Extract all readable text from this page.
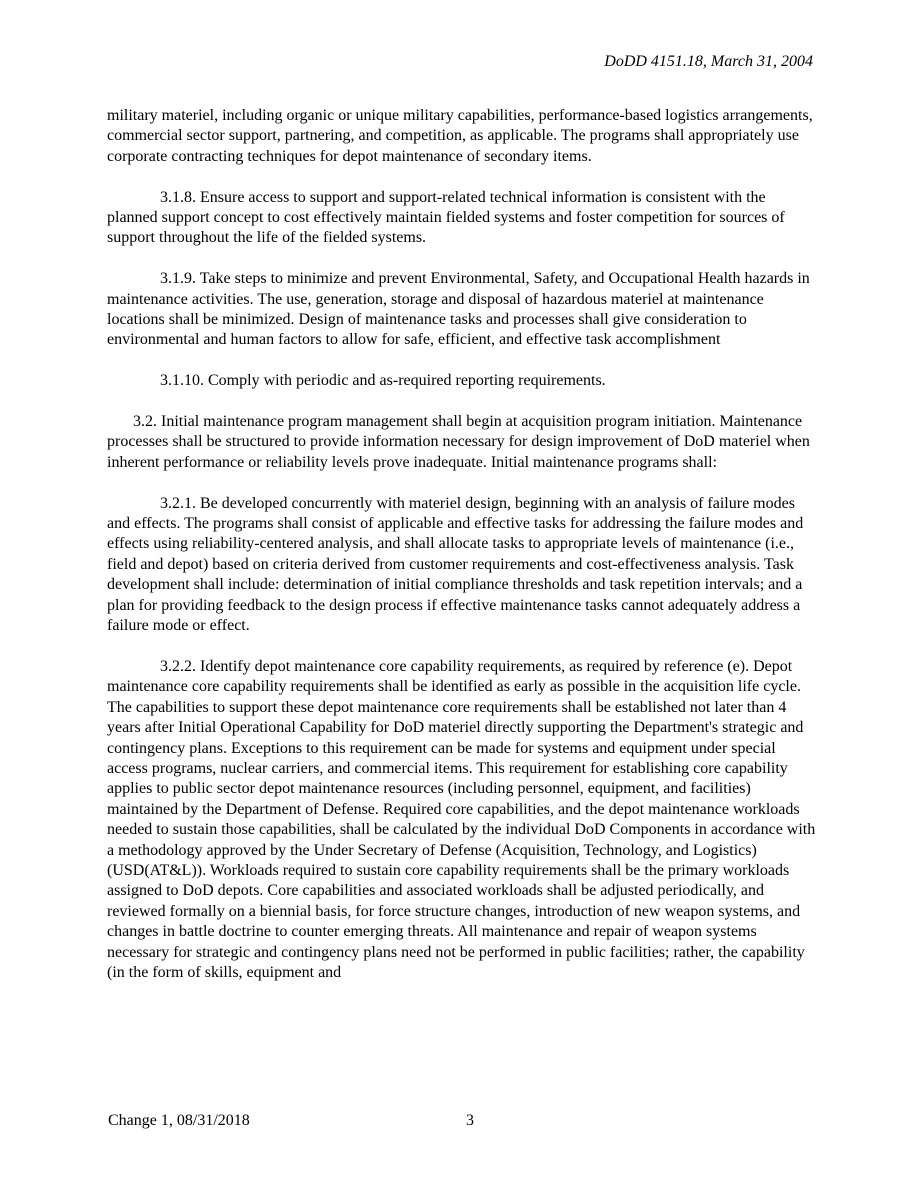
DoDD 4151.18, March 31, 2004

military materiel, including organic or unique military capabilities, performance-based logistics arrangements, commercial sector support, partnering, and competition, as applicable. The programs shall appropriately use corporate contracting techniques for depot maintenance of secondary items.

3.1.8. Ensure access to support and support-related technical information is consistent with the planned support concept to cost effectively maintain fielded systems and foster competition for sources of support throughout the life of the fielded systems.

3.1.9. Take steps to minimize and prevent Environmental, Safety, and Occupational Health hazards in maintenance activities. The use, generation, storage and disposal of hazardous materiel at maintenance locations shall be minimized. Design of maintenance tasks and processes shall give consideration to environmental and human factors to allow for safe, efficient, and effective task accomplishment

3.1.10. Comply with periodic and as-required reporting requirements.

3.2. Initial maintenance program management shall begin at acquisition program initiation. Maintenance processes shall be structured to provide information necessary for design improvement of DoD materiel when inherent performance or reliability levels prove inadequate. Initial maintenance programs shall:

3.2.1. Be developed concurrently with materiel design, beginning with an analysis of failure modes and effects. The programs shall consist of applicable and effective tasks for addressing the failure modes and effects using reliability-centered analysis, and shall allocate tasks to appropriate levels of maintenance (i.e., field and depot) based on criteria derived from customer requirements and cost-effectiveness analysis. Task development shall include: determination of initial compliance thresholds and task repetition intervals; and a plan for providing feedback to the design process if effective maintenance tasks cannot adequately address a failure mode or effect.

3.2.2. Identify depot maintenance core capability requirements, as required by reference (e). Depot maintenance core capability requirements shall be identified as early as possible in the acquisition life cycle. The capabilities to support these depot maintenance core requirements shall be established not later than 4 years after Initial Operational Capability for DoD materiel directly supporting the Department's strategic and contingency plans. Exceptions to this requirement can be made for systems and equipment under special access programs, nuclear carriers, and commercial items. This requirement for establishing core capability applies to public sector depot maintenance resources (including personnel, equipment, and facilities) maintained by the Department of Defense. Required core capabilities, and the depot maintenance workloads needed to sustain those capabilities, shall be calculated by the individual DoD Components in accordance with a methodology approved by the Under Secretary of Defense (Acquisition, Technology, and Logistics) (USD(AT&L)). Workloads required to sustain core capability requirements shall be the primary workloads assigned to DoD depots. Core capabilities and associated workloads shall be adjusted periodically, and reviewed formally on a biennial basis, for force structure changes, introduction of new weapon systems, and changes in battle doctrine to counter emerging threats. All maintenance and repair of weapon systems necessary for strategic and contingency plans need not be performed in public facilities; rather, the capability (in the form of skills, equipment and

Change 1, 08/31/2018	3
